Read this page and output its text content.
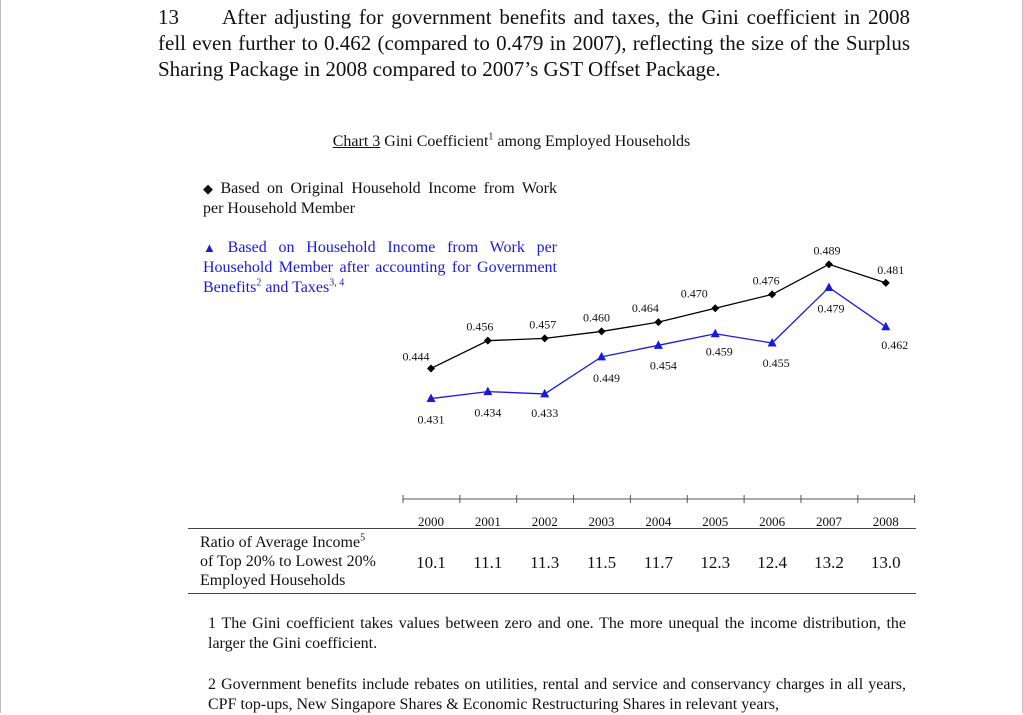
13 After adjusting for government benefits and taxes, the Gini coefficient in 2008 fell even further to 0.462 (compared to 0.479 in 2007), reflecting the size of the Surplus Sharing Package in 2008 compared to 2007’s GST Offset Package.
Chart 3 Gini Coefficient$^1$ among Employed Households
◆ Based on Original Household Income from Work per Household Member
▲ Based on Household Income from Work per Household Member after accounting for Government Benefits$^2$ and Taxes$^{3, 4}$
2000 2001 2002 2003 2004 2005 2006 2007 2008
0.444
0.456	0.457 0.460
0.464
0.470
0.476
0.489
0.481
0.431 0.434 0.433
0.449
0.454
0.459
0.455
0.479
0.462
Ratio of Average Income$^5$
of Top 20% to Lowest 20%
Employed Households
10.1	11.1	11.3	11.5	11.7	12.3	12.4	13.2	13.0
1 The Gini coefficient takes values between zero and one. The more unequal the income distribution, the larger the Gini coefficient.
2 Government benefits include rebates on utilities, rental and service and conservancy charges in all years, CPF top-ups, New Singapore Shares & Economic Restructuring Shares in relevant years,
